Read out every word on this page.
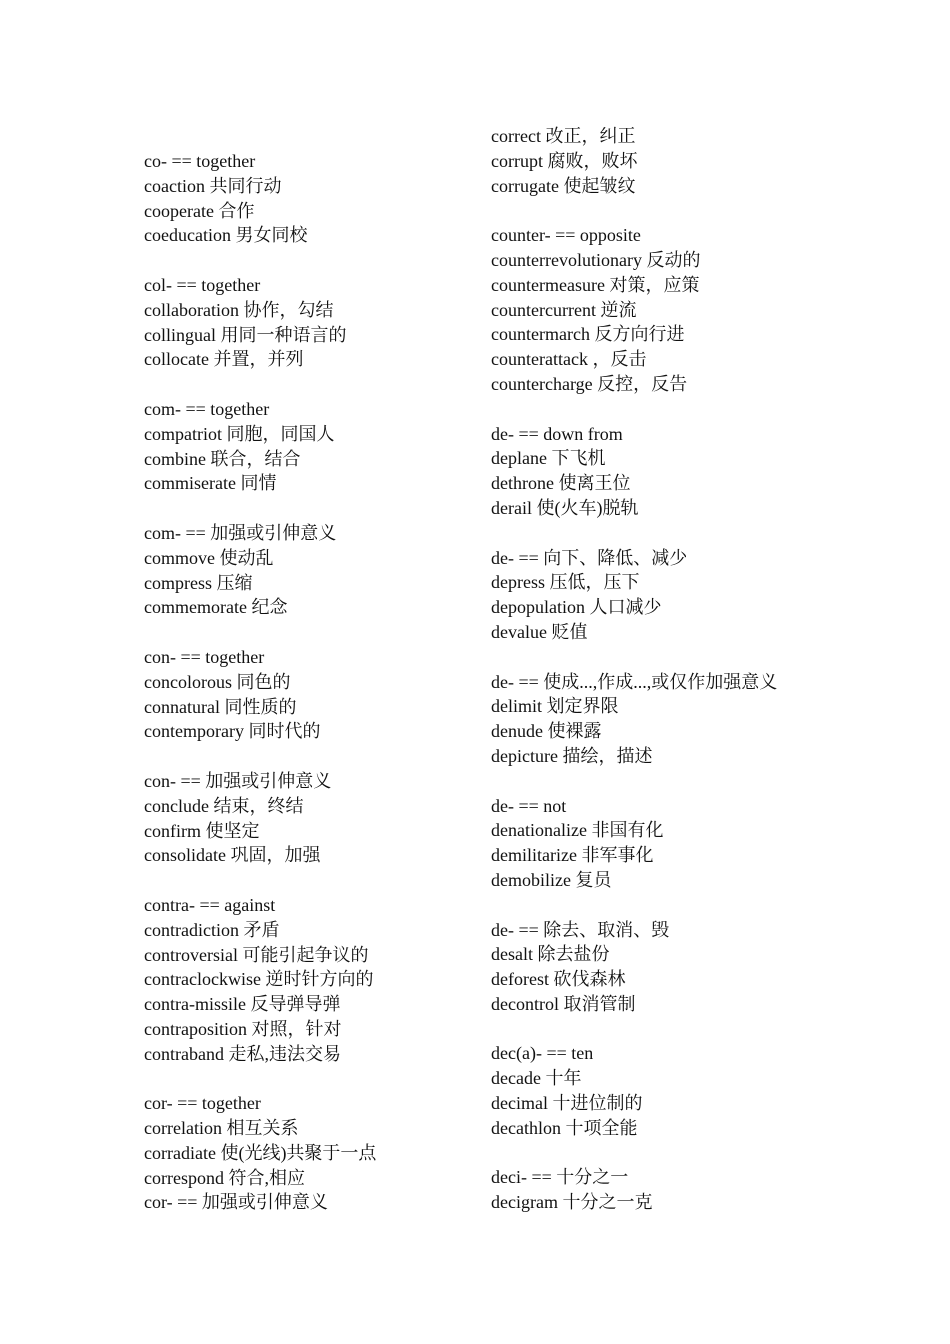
co- == together
coaction 共同行动
cooperate 合作
coeducation 男女同校
col- == together
collaboration 协作，勾结
collingual 用同一种语言的
collocate 并置，并列
com- == together
compatriot 同胞，同国人
combine 联合，结合
commiserate 同情
com- == 加强或引伸意义
commove 使动乱
compress 压缩
commemorate 纪念
con- == together
concolorous 同色的
connatural 同性质的
contemporary 同时代的
con- == 加强或引伸意义
conclude 结束，终结
confirm 使坚定
consolidate 巩固，加强
contra- == against
contradiction 矛盾
controversial 可能引起争议的
contraclockwise 逆时针方向的
contra-missile 反导弹导弹
contraposition 对照，针对
contraband 走私,违法交易
cor- == together
correlation 相互关系
corradiate 使(光线)共聚于一点
correspond 符合,相应
cor- == 加强或引伸意义
correct 改正，纠正
corrupt 腐败，败坏
corrugate 使起皱纹
counter- == opposite
counterrevolutionary 反动的
countermeasure 对策，应策
countercurrent 逆流
countermarch 反方向行进
counterattack ，反击
countercharge 反控，反告
de- == down from
deplane 下飞机
dethrone 使离王位
derail 使(火车)脱轨
de- == 向下、降低、减少
depress 压低，压下
depopulation 人口减少
devalue 贬值
de- == 使成...,作成...,或仅作加强意义
delimit 划定界限
denude 使裸露
depicture 描绘，描述
de- == not
denationalize 非国有化
demilitarize 非军事化
demobilize 复员
de- == 除去、取消、毁
desalt 除去盐份
deforest 砍伐森林
decontrol 取消管制
dec(a)- == ten
decade 十年
decimal 十进位制的
decathlon 十项全能
deci- == 十分之一
decigram 十分之一克
